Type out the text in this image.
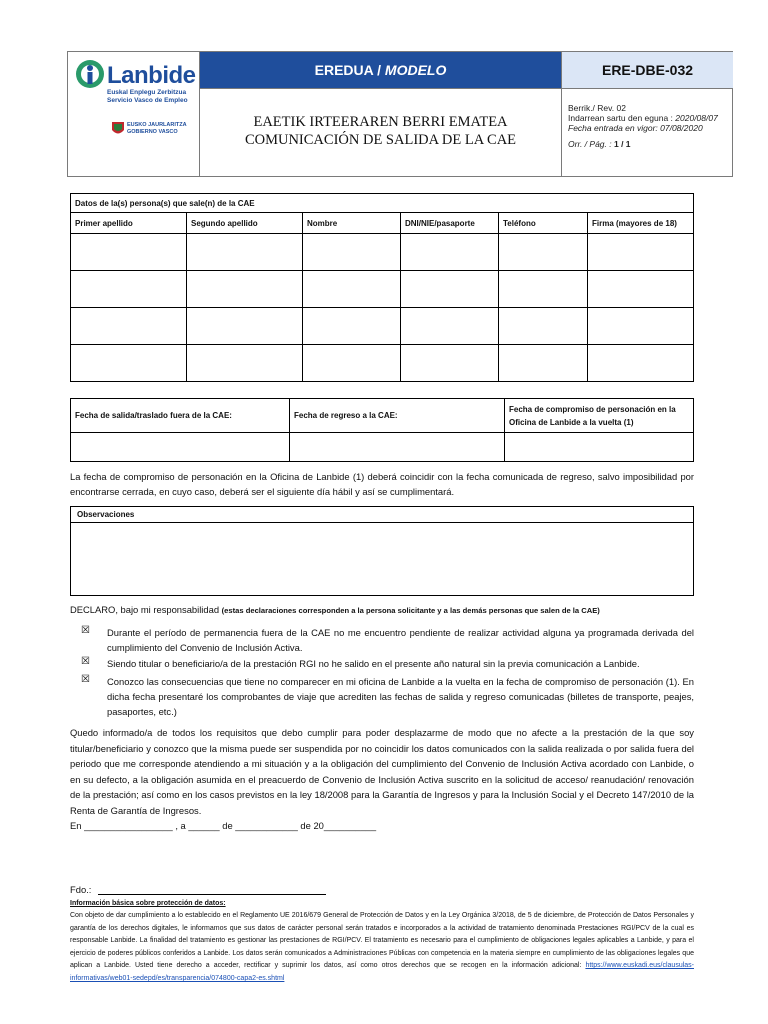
Lanbide
Euskal Enplegu Zerbitzua
Servicio Vasco de Empleo
EUSKO JAURLARITZA
GOBIERNO VASCO
EREDUA / MODELO	ERE-DBE-032
EAETIK IRTEERAREN BERRI EMATEA
COMUNICACIÓN DE SALIDA DE LA CAE
Berrik./ Rev. 02
Indarrean sartu den eguna : 2020/08/07
Fecha entrada en vigor: 07/08/2020
Orr. / Pág. : 1 / 1
Datos de la(s) persona(s) que sale(n) de la CAE					
Primer apellido	Segundo apellido	Nombre	DNI/NIE/pasaporte	Teléfono	Firma (mayores de 18)

Fecha de salida/traslado fuera de la CAE:	Fecha de regreso a la CAE:	Fecha de compromiso de personación en la Oficina de Lanbide a la vuelta (1)

La fecha de compromiso de personación en la Oficina de Lanbide (1) deberá coincidir con la fecha comunicada de regreso, salvo imposibilidad por encontrarse cerrada, en cuyo caso, deberá ser el siguiente día hábil y así se cumplimentará.
Observaciones
DECLARO, bajo mi responsabilidad (estas declaraciones corresponden a la persona solicitante y a las demás personas que salen de la CAE)
☒ Durante el período de permanencia fuera de la CAE no me encuentro pendiente de realizar actividad alguna ya programada derivada del cumplimiento del Convenio de Inclusión Activa.
☒ Siendo titular o beneficiario/a de la prestación RGI no he salido en el presente año natural sin la previa comunicación a Lanbide.
☒ Conozco las consecuencias que tiene no comparecer en mi oficina de Lanbide a la vuelta en la fecha de compromiso de personación (1). En dicha fecha presentaré los comprobantes de viaje que acrediten las fechas de salida y regreso comunicadas (billetes de transporte, peajes, pasaportes, etc.)
Quedo informado/a de todos los requisitos que debo cumplir para poder desplazarme de modo que no afecte a la prestación de la que soy titular/beneficiario y conozco que la misma puede ser suspendida por no coincidir los datos comunicados con la salida realizada o por salida fuera del periodo que me corresponde atendiendo a mi situación y a la obligación del cumplimiento del Convenio de Inclusión Activa acordado con Lanbide, o en su defecto, a la obligación asumida en el preacuerdo de Convenio de Inclusión Activa suscrito en la solicitud de acceso/ reanudación/ renovación de la prestación; así como en los casos previstos en la ley 18/2008 para la Garantía de Ingresos y para la Inclusión Social y el Decreto 147/2010 de la Renta de Garantía de Ingresos.
En _________________ , a ______ de ____________ de 20__________
Fdo.:
Información básica sobre protección de datos:
Con objeto de dar cumplimiento a lo establecido en el Reglamento UE 2016/679 General de Protección de Datos y en la Ley Orgánica 3/2018, de 5 de diciembre, de Protección de Datos Personales y garantía de los derechos digitales, le informamos que sus datos de carácter personal serán tratados e incorporados a la actividad de tratamiento denominada Prestaciones RGI/PCV de la cual es responsable Lanbide. La finalidad del tratamiento es gestionar las prestaciones de RGI/PCV. El tratamiento es necesario para el cumplimiento de obligaciones legales aplicables a Lanbide, y para el ejercicio de poderes públicos conferidos a Lanbide. Los datos serán comunicados a Administraciones Públicas con competencia en la materia siempre en cumplimiento de las obligaciones legales que aplican a Lanbide. Usted tiene derecho a acceder, rectificar y suprimir los datos, así como otros derechos que se recogen en la información adicional: https://www.euskadi.eus/clausulas-informativas/web01-sedepd/es/transparencia/074800-capa2-es.shtml
